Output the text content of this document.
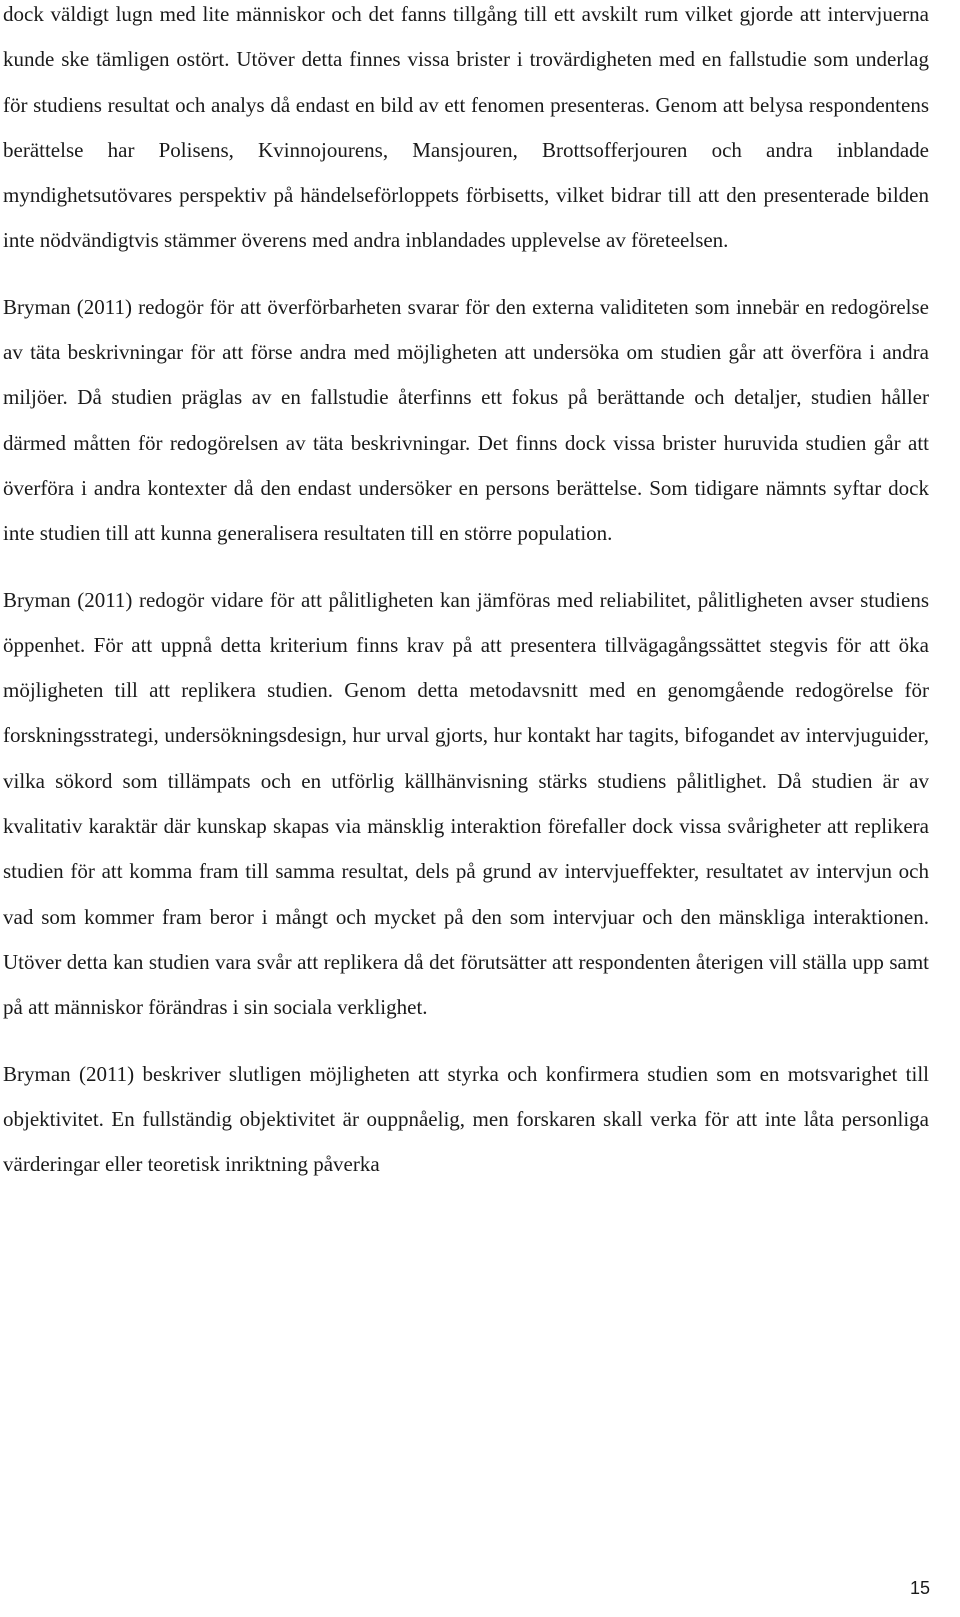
dock väldigt lugn med lite människor och det fanns tillgång till ett avskilt rum vilket gjorde att intervjuerna kunde ske tämligen ostört. Utöver detta finnes vissa brister i trovärdigheten med en fallstudie som underlag för studiens resultat och analys då endast en bild av ett fenomen presenteras. Genom att belysa respondentens berättelse har Polisens, Kvinnojourens, Mansjouren, Brottsofferjouren och andra inblandade myndighetsutövares perspektiv på händelseförloppets förbisetts, vilket bidrar till att den presenterade bilden inte nödvändigtvis stämmer överens med andra inblandades upplevelse av företeelsen.

Bryman (2011) redogör för att överförbarheten svarar för den externa validiteten som innebär en redogörelse av täta beskrivningar för att förse andra med möjligheten att undersöka om studien går att överföra i andra miljöer. Då studien präglas av en fallstudie återfinns ett fokus på berättande och detaljer, studien håller därmed måtten för redogörelsen av täta beskrivningar. Det finns dock vissa brister huruvida studien går att överföra i andra kontexter då den endast undersöker en persons berättelse. Som tidigare nämnts syftar dock inte studien till att kunna generalisera resultaten till en större population.

Bryman (2011) redogör vidare för att pålitligheten kan jämföras med reliabilitet, pålitligheten avser studiens öppenhet. För att uppnå detta kriterium finns krav på att presentera tillvägagångssättet stegvis för att öka möjligheten till att replikera studien. Genom detta metodavsnitt med en genomgående redogörelse för forskningsstrategi, undersökningsdesign, hur urval gjorts, hur kontakt har tagits, bifogandet av intervjuguider, vilka sökord som tillämpats och en utförlig källhänvisning stärks studiens pålitlighet. Då studien är av kvalitativ karaktär där kunskap skapas via mänsklig interaktion förefaller dock vissa svårigheter att replikera studien för att komma fram till samma resultat, dels på grund av intervjueffekter, resultatet av intervjun och vad som kommer fram beror i mångt och mycket på den som intervjuar och den mänskliga interaktionen. Utöver detta kan studien vara svår att replikera då det förutsätter att respondenten återigen vill ställa upp samt på att människor förändras i sin sociala verklighet.

Bryman (2011) beskriver slutligen möjligheten att styrka och konfirmera studien som en motsvarighet till objektivitet. En fullständig objektivitet är ouppnåelig, men forskaren skall verka för att inte låta personliga värderingar eller teoretisk inriktning påverka

15
